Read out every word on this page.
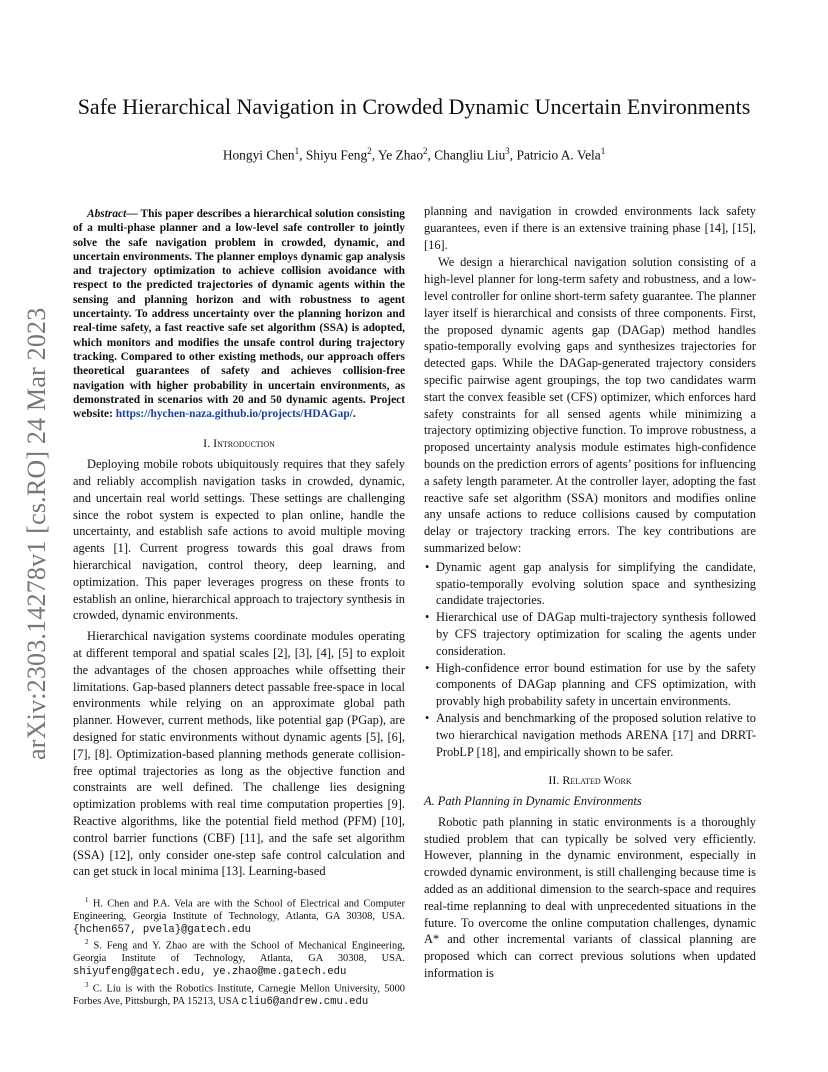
arXiv:2303.14278v1 [cs.RO] 24 Mar 2023
Safe Hierarchical Navigation in Crowded Dynamic Uncertain Environments
Hongyi Chen$^1$, Shiyu Feng$^2$, Ye Zhao$^2$, Changliu Liu$^3$, Patricio A. Vela$^1$

Abstract— This paper describes a hierarchical solution consisting of a multi-phase planner and a low-level safe controller to jointly solve the safe navigation problem in crowded, dynamic, and uncertain environments. The planner employs dynamic gap analysis and trajectory optimization to achieve collision avoidance with respect to the predicted trajectories of dynamic agents within the sensing and planning horizon and with robustness to agent uncertainty. To address uncertainty over the planning horizon and real-time safety, a fast reactive safe set algorithm (SSA) is adopted, which monitors and modifies the unsafe control during trajectory tracking. Compared to other existing methods, our approach offers theoretical guarantees of safety and achieves collision-free navigation with higher probability in uncertain environments, as demonstrated in scenarios with 20 and 50 dynamic agents. Project website: https://hychen-naza.github.io/projects/HDAGap/.

I. Introduction

Deploying mobile robots ubiquitously requires that they safely and reliably accomplish navigation tasks in crowded, dynamic, and uncertain real world settings. These settings are challenging since the robot system is expected to plan online, handle the uncertainty, and establish safe actions to avoid multiple moving agents [1]. Current progress towards this goal draws from hierarchical navigation, control theory, deep learning, and optimization. This paper leverages progress on these fronts to establish an online, hierarchical approach to trajectory synthesis in crowded, dynamic environments.

Hierarchical navigation systems coordinate modules operating at different temporal and spatial scales [2], [3], [4], [5] to exploit the advantages of the chosen approaches while offsetting their limitations. Gap-based planners detect passable free-space in local environments while relying on an approximate global path planner. However, current methods, like potential gap (PGap), are designed for static environments without dynamic agents [5], [6], [7], [8]. Optimization-based planning methods generate collision-free optimal trajectories as long as the objective function and constraints are well defined. The challenge lies designing optimization problems with real time computation properties [9]. Reactive algorithms, like the potential field method (PFM) [10], control barrier functions (CBF) [11], and the safe set algorithm (SSA) [12], only consider one-step safe control calculation and can get stuck in local minima [13]. Learning-based

$^1$ H. Chen and P.A. Vela are with the School of Electrical and Computer Engineering, Georgia Institute of Technology, Atlanta, GA 30308, USA. {hchen657, pvela}@gatech.edu

$^2$ S. Feng and Y. Zhao are with the School of Mechanical Engineering, Georgia Institute of Technology, Atlanta, GA 30308, USA. shiyufeng@gatech.edu, ye.zhao@me.gatech.edu

$^3$ C. Liu is with the Robotics Institute, Carnegie Mellon University, 5000 Forbes Ave, Pittsburgh, PA 15213, USA cliu6@andrew.cmu.edu

planning and navigation in crowded environments lack safety guarantees, even if there is an extensive training phase [14], [15], [16].

We design a hierarchical navigation solution consisting of a high-level planner for long-term safety and robustness, and a low-level controller for online short-term safety guarantee. The planner layer itself is hierarchical and consists of three components. First, the proposed dynamic agents gap (DAGap) method handles spatio-temporally evolving gaps and synthesizes trajectories for detected gaps. While the DAGap-generated trajectory considers specific pairwise agent groupings, the top two candidates warm start the convex feasible set (CFS) optimizer, which enforces hard safety constraints for all sensed agents while minimizing a trajectory optimizing objective function. To improve robustness, a proposed uncertainty analysis module estimates high-confidence bounds on the prediction errors of agents’ positions for influencing a safety length parameter. At the controller layer, adopting the fast reactive safe set algorithm (SSA) monitors and modifies online any unsafe actions to reduce collisions caused by computation delay or trajectory tracking errors. The key contributions are summarized below:

• Dynamic agent gap analysis for simplifying the candidate, spatio-temporally evolving solution space and synthesizing candidate trajectories.
• Hierarchical use of DAGap multi-trajectory synthesis followed by CFS trajectory optimization for scaling the agents under consideration.
• High-confidence error bound estimation for use by the safety components of DAGap planning and CFS optimization, with provably high probability safety in uncertain environments.
• Analysis and benchmarking of the proposed solution relative to two hierarchical navigation methods ARENA [17] and DRRT-ProbLP [18], and empirically shown to be safer.
II. Related Work
A. Path Planning in Dynamic Environments

Robotic path planning in static environments is a thoroughly studied problem that can typically be solved very efficiently. However, planning in the dynamic environment, especially in crowded dynamic environment, is still challenging because time is added as an additional dimension to the search-space and requires real-time replanning to deal with unprecedented situations in the future. To overcome the online computation challenges, dynamic A* and other incremental variants of classical planning are proposed which can correct previous solutions when updated information is
